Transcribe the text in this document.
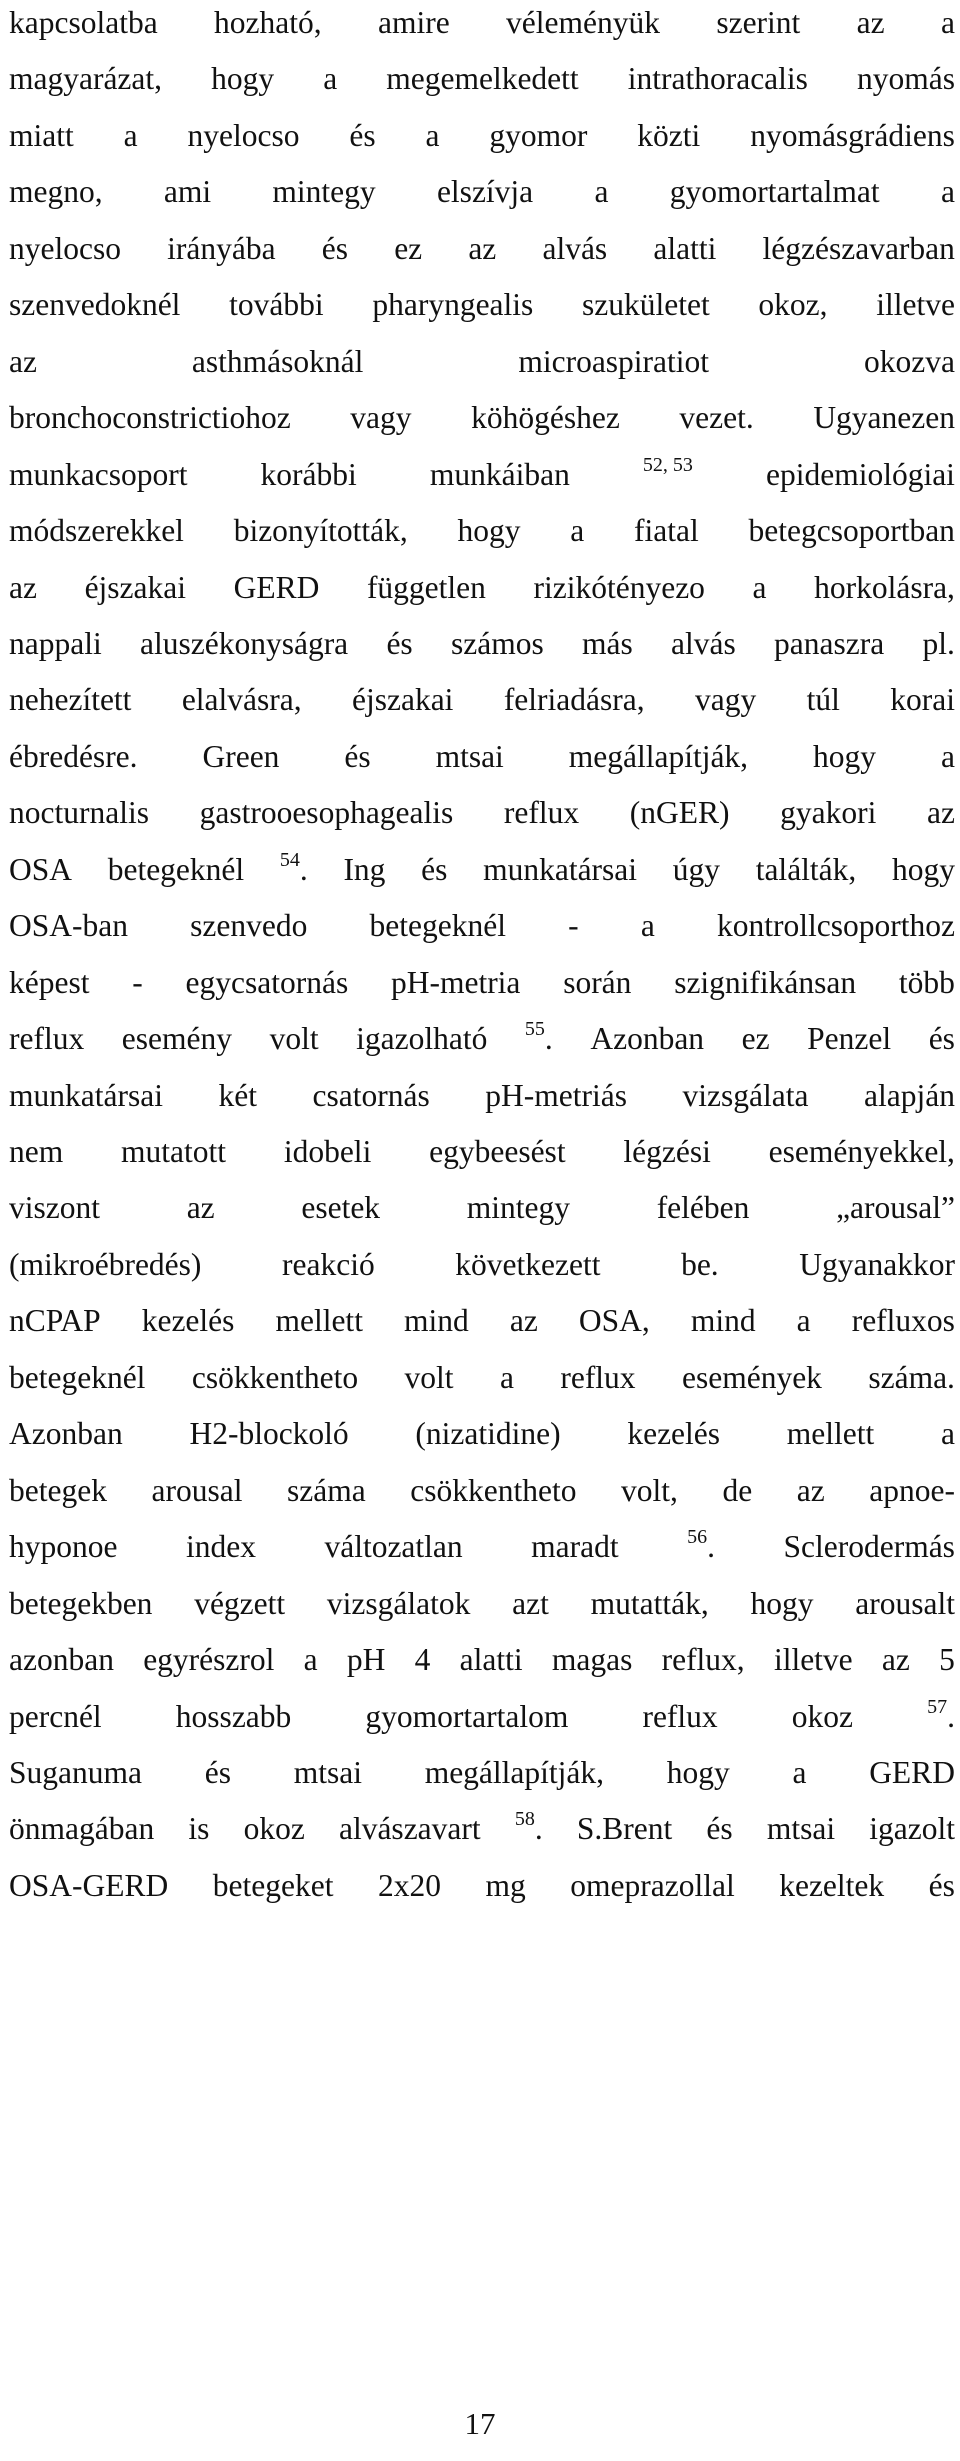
kapcsolatba hozható, amire véleményük szerint az a
magyarázat, hogy a megemelkedett intrathoracalis nyomás
miatt a nyelocso és a gyomor közti nyomásgrádiens
megno, ami mintegy elszívja a gyomortartalmat a
nyelocso irányába és ez az alvás alatti légzészavarban
szenvedoknél további pharyngealis szukületet okoz, illetve
az	asthmásoknál	microaspiratiot	okozva
bronchoconstrictiohoz vagy köhögéshez vezet. Ugyanezen
munkacsoport korábbi munkáiban	$^{52, 53}$ epidemiológiai
módszerekkel bizonyították, hogy a fiatal betegcsoportban
az éjszakai GERD független rizikótényezo a horkolásra,
nappali aluszékonyságra és számos más alvás panaszra pl.
nehezített elalvásra, éjszakai felriadásra, vagy túl korai
ébredésre. Green és mtsai megállapítják, hogy a
nocturnalis gastrooesophagealis reflux (nGER) gyakori az
OSA betegeknél $^{54}$. Ing és munkatársai úgy találták, hogy
OSA-ban szenvedo betegeknél - a kontrollcsoporthoz
képest - egycsatornás pH-metria során szignifikánsan több
reflux esemény volt igazolható $^{55}$. Azonban ez Penzel és
munkatársai két csatornás pH-metriás vizsgálata alapján
nem mutatott idobeli egybeesést légzési eseményekkel,
viszont	az	esetek	mintegy	felében	„arousal”
(mikroébredés)	reakció	következett	be.	Ugyanakkor
nCPAP kezelés mellett mind az OSA, mind a refluxos
betegeknél csökkentheto volt a reflux események száma.
Azonban H2-blockoló (nizatidine) kezelés mellett a
betegek arousal száma csökkentheto volt, de az apnoe-
hyponoe index változatlan maradt	$^{56}$. Sclerodermás
betegekben végzett vizsgálatok azt mutatták, hogy arousalt
azonban egyrészrol a pH 4 alatti magas reflux, illetve az 5
percnél hosszabb gyomortartalom reflux okoz	$^{57}$.
Suganuma és mtsai megállapítják, hogy a GERD
önmagában is okoz alvászavart $^{58}$. S.Brent és mtsai igazolt
OSA-GERD betegeket 2x20 mg omeprazollal kezeltek és
17
